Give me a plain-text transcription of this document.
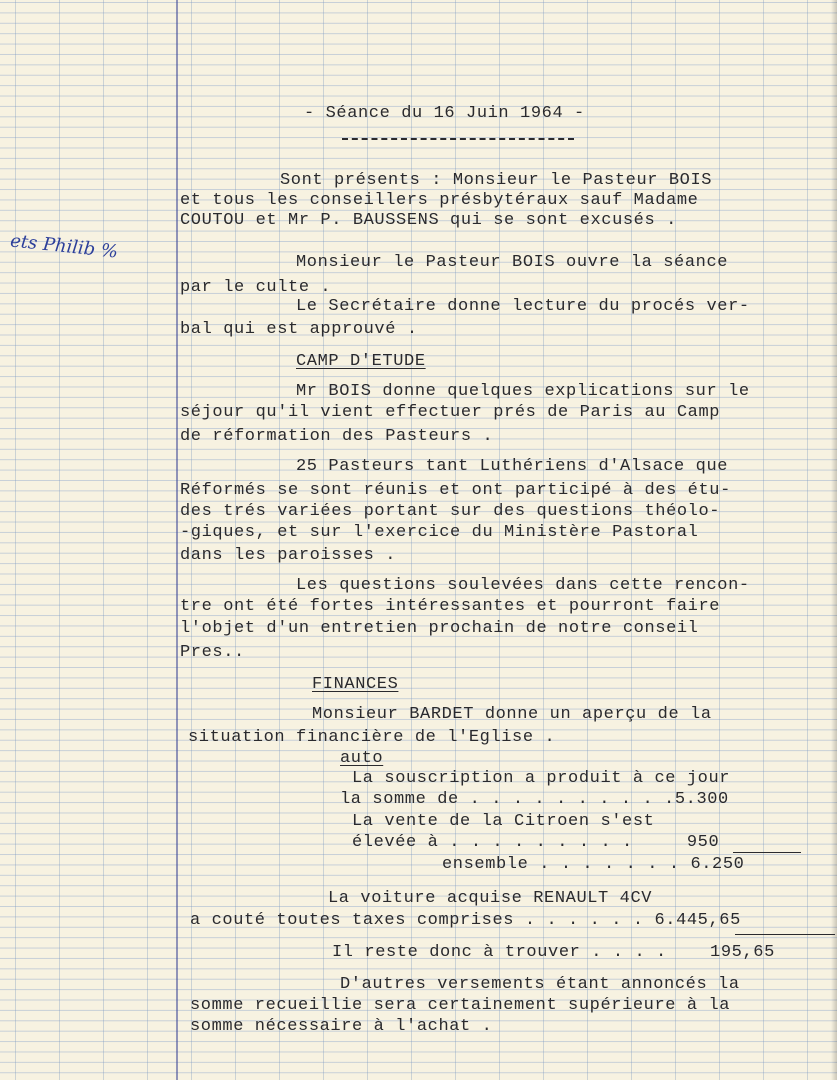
ets Philib %

- Séance du 16 Juin 1964 -

Sont présents : Monsieur le Pasteur BOIS

et tous les conseillers présbytéraux sauf Madame

COUTOU et Mr P. BAUSSENS qui se sont excusés .

Monsieur le Pasteur BOIS ouvre la séance

par le culte .

Le Secrétaire donne lecture du procés ver-

bal qui est approuvé .

CAMP D'ETUDE

Mr BOIS donne quelques explications sur le

séjour qu'il vient effectuer prés de Paris au Camp

de réformation des Pasteurs .

25 Pasteurs tant Luthériens d'Alsace que

Réformés se sont réunis et ont participé à des étu-

des trés variées portant sur des questions théolo-

-giques, et sur l'exercice du Ministère Pastoral

dans les paroisses .

Les questions soulevées dans cette rencon-

tre ont été fortes intéressantes et pourront faire

l'objet d'un entretien prochain de notre conseil

Pres..

FINANCES

Monsieur BARDET donne un aperçu de la

situation financière de l'Eglise .

auto

La souscription a produit à ce jour

la somme de . . . . . . . . . .5.300

La vente de la Citroen s'est

élevée à . . . . . . . . .     950

ensemble . . . . . . . 6.250

La voiture acquise RENAULT 4CV

a couté toutes taxes comprises . . . . . . 6.445,65

Il reste donc à trouver . . . .    195,65

D'autres versements étant annoncés la

somme recueillie sera certainement supérieure à la

somme nécessaire à l'achat .
